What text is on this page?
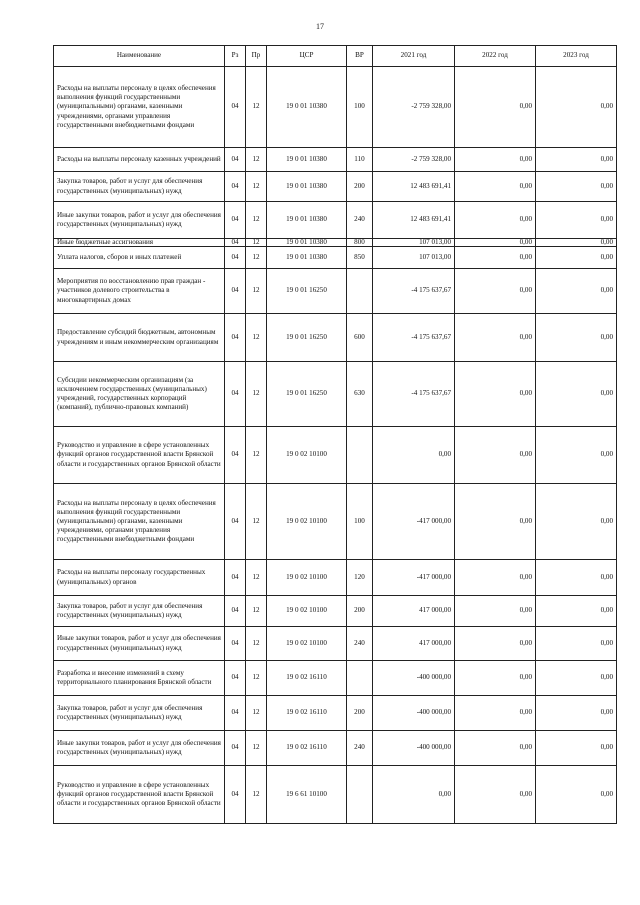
17
Наименование	Рз	Пр	ЦСР	ВР	2021 год	2022 год	2023 год
Расходы на выплаты персоналу в целях обеспечения выполнения функций государственными (муниципальными) органами, казенными учреждениями, органами управления государственными внебюджетными фондами	04	12	19 0 01 10380	100	-2 759 328,00	0,00	0,00
Расходы на выплаты персоналу казенных учреждений	04	12	19 0 01 10380	110	-2 759 328,00	0,00	0,00
Закупка товаров, работ и услуг для обеспечения государственных (муниципальных) нужд	04	12	19 0 01 10380	200	12 483 691,41	0,00	0,00
Иные закупки товаров, работ и услуг для обеспечения государственных (муниципальных) нужд	04	12	19 0 01 10380	240	12 483 691,41	0,00	0,00
Иные бюджетные ассигнования	04	12	19 0 01 10380	800	107 013,00	0,00	0,00
Уплата налогов, сборов и иных платежей	04	12	19 0 01 10380	850	107 013,00	0,00	0,00
Мероприятия по восстановлению прав граждан - участников долевого строительства в многоквартирных домах	04	12	19 0 01 16250		-4 175 637,67	0,00	0,00
Предоставление субсидий бюджетным, автономным учреждениям и иным некоммерческим организациям	04	12	19 0 01 16250	600	-4 175 637,67	0,00	0,00
Субсидии некоммерческим организациям (за исключением государственных (муниципальных) учреждений, государственных корпораций (компаний), публично-правовых компаний)	04	12	19 0 01 16250	630	-4 175 637,67	0,00	0,00
Руководство и управление в сфере установленных функций органов государственной власти Брянской области и государственных органов Брянской области	04	12	19 0 02 10100		0,00	0,00	0,00
Расходы на выплаты персоналу в целях обеспечения выполнения функций государственными (муниципальными) органами, казенными учреждениями, органами управления государственными внебюджетными фондами	04	12	19 0 02 10100	100	-417 000,00	0,00	0,00
Расходы на выплаты персоналу государственных (муниципальных) органов	04	12	19 0 02 10100	120	-417 000,00	0,00	0,00
Закупка товаров, работ и услуг для обеспечения государственных (муниципальных) нужд	04	12	19 0 02 10100	200	417 000,00	0,00	0,00
Иные закупки товаров, работ и услуг для обеспечения государственных (муниципальных) нужд	04	12	19 0 02 10100	240	417 000,00	0,00	0,00
Разработка и внесение изменений в схему территориального планирования Брянской области	04	12	19 0 02 16110		-400 000,00	0,00	0,00
Закупка товаров, работ и услуг для обеспечения государственных (муниципальных) нужд	04	12	19 0 02 16110	200	-400 000,00	0,00	0,00
Иные закупки товаров, работ и услуг для обеспечения государственных (муниципальных) нужд	04	12	19 0 02 16110	240	-400 000,00	0,00	0,00
Руководство и управление в сфере установленных функций органов государственной власти Брянской области и государственных органов Брянской области	04	12	19 6 61 10100		0,00	0,00	0,00
